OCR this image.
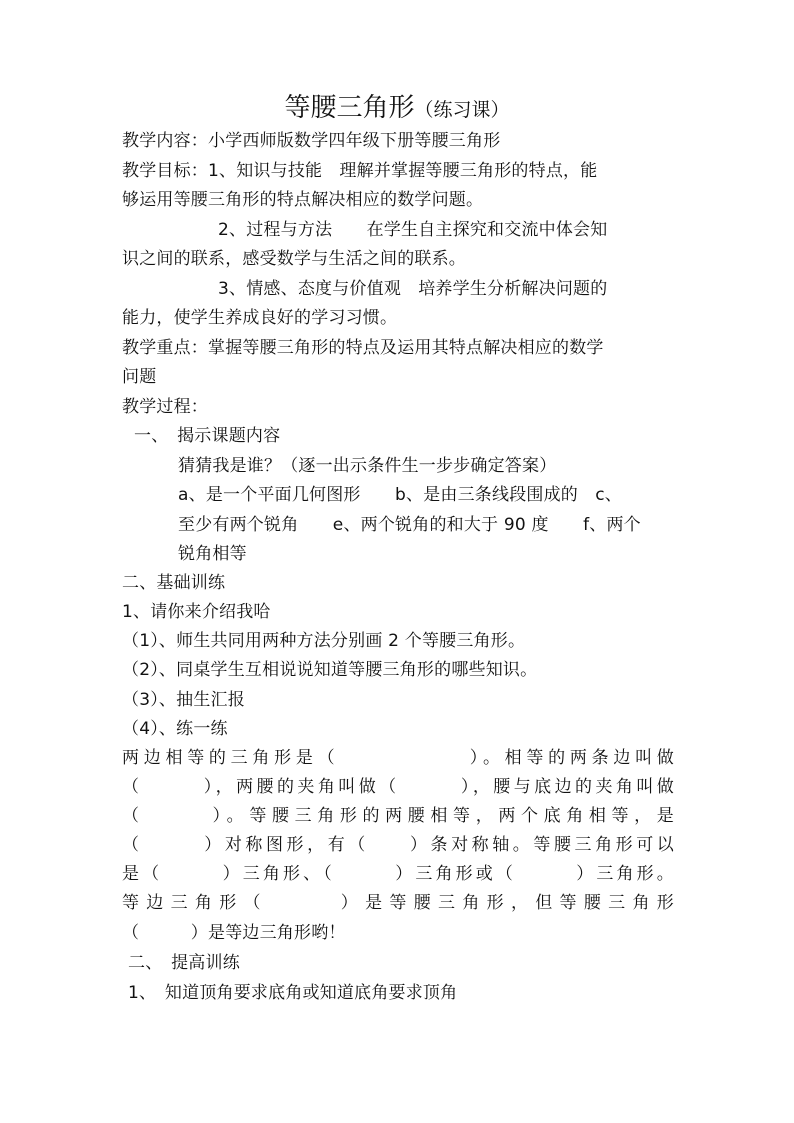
等腰三角形（练习课）
教学内容：小学西师版数学四年级下册等腰三角形
教学目标：1、知识与技能　理解并掌握等腰三角形的特点，能
够运用等腰三角形的特点解决相应的数学问题。
2、过程与方法　　在学生自主探究和交流中体会知
识之间的联系，感受数学与生活之间的联系。
3、情感、态度与价值观　培养学生分析解决问题的
能力，使学生养成良好的学习习惯。
教学重点：掌握等腰三角形的特点及运用其特点解决相应的数学
问题
教学过程：
一、　揭示课题内容
猜猜我是谁？（逐一出示条件生一步步确定答案）
a、是一个平面几何图形　　b、是由三条线段围成的　c、
至少有两个锐角　　e、两个锐角的和大于 90 度　　f、两个
锐角相等
二、基础训练
1、请你来介绍我哈
（1）、师生共同用两种方法分别画 2 个等腰三角形。
（2）、同桌学生互相说说知道等腰三角形的哪些知识。
（3）、抽生汇报
（4）、练一练
两边相等的三角形是（　　　　　　）。相等的两条边叫做
（　　　），两腰的夹角叫做（　　　），腰与底边的夹角叫做
（　　　）。等腰三角形的两腰相等，两个底角相等，是
（　　　）对称图形，有（　　）条对称轴。等腰三角形可以
是（　　　）三角形、（　　　）三角形或（　　　）三角形。
等边三角形（　　　）是等腰三角形，但等腰三角形
（　　　）是等边三角形哟！
二、　提高训练
1、　知道顶角要求底角或知道底角要求顶角
